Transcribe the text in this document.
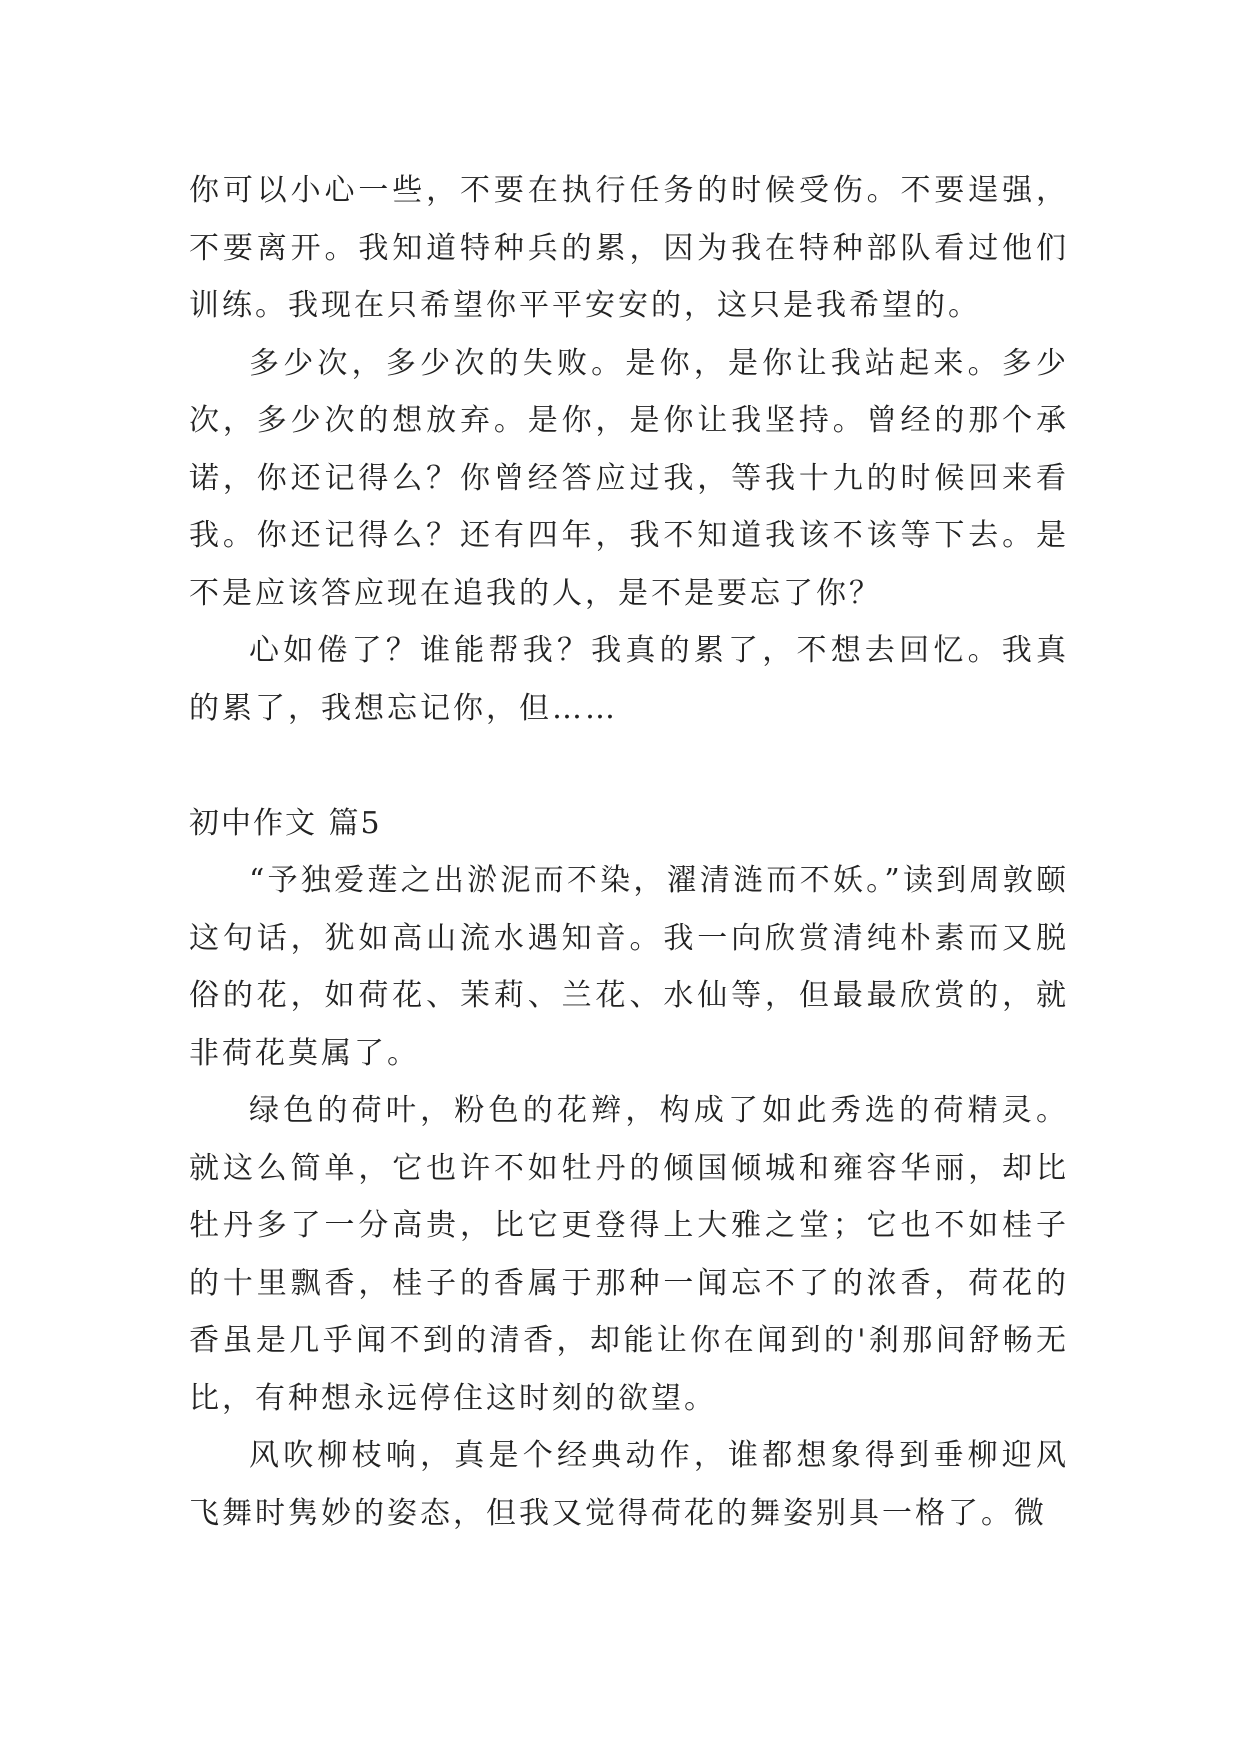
你可以小心一些，不要在执行任务的时候受伤。不要逞强，不要离开。我知道特种兵的累，因为我在特种部队看过他们训练。我现在只希望你平平安安的，这只是我希望的。

多少次，多少次的失败。是你，是你让我站起来。多少次，多少次的想放弃。是你，是你让我坚持。曾经的那个承诺，你还记得么？你曾经答应过我，等我十九的时候回来看我。你还记得么？还有四年，我不知道我该不该等下去。是不是应该答应现在追我的人，是不是要忘了你？

心如倦了？谁能帮我？我真的累了，不想去回忆。我真的累了，我想忘记你，但……

初中作文 篇5

“予独爱莲之出淤泥而不染，濯清涟而不妖。”读到周敦颐这句话，犹如高山流水遇知音。我一向欣赏清纯朴素而又脱俗的花，如荷花、茉莉、兰花、水仙等，但最最欣赏的，就非荷花莫属了。

绿色的荷叶，粉色的花辫，构成了如此秀选的荷精灵。就这么简单，它也许不如牡丹的倾国倾城和雍容华丽，却比牡丹多了一分高贵，比它更登得上大雅之堂；它也不如桂子的十里飘香，桂子的香属于那种一闻忘不了的浓香，荷花的香虽是几乎闻不到的清香，却能让你在闻到的'刹那间舒畅无比，有种想永远停住这时刻的欲望。

风吹柳枝响，真是个经典动作，谁都想象得到垂柳迎风飞舞时隽妙的姿态，但我又觉得荷花的舞姿别具一格了。微
